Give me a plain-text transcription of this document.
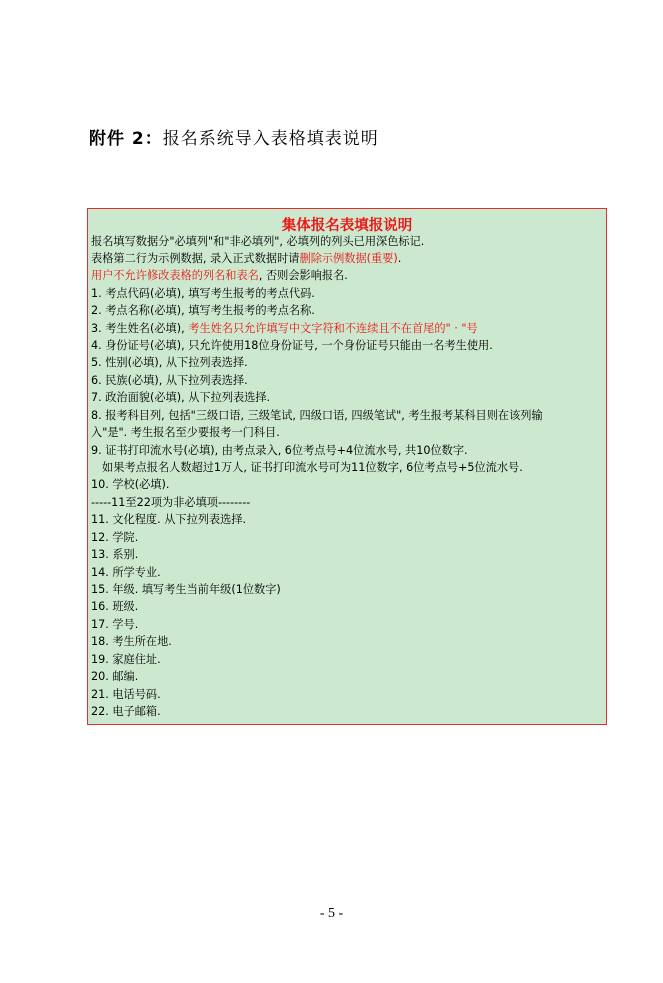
附件 2：报名系统导入表格填表说明
集体报名表填报说明
报名填写数据分"必填列"和"非必填列", 必填列的列头已用深色标记.
表格第二行为示例数据, 录入正式数据时请删除示例数据(重要).
用户不允许修改表格的列名和表名, 否则会影响报名.
1. 考点代码(必填), 填写考生报考的考点代码.
2. 考点名称(必填), 填写考生报考的考点名称.
3. 考生姓名(必填), 考生姓名只允许填写中文字符和不连续且不在首尾的" · "号
4. 身份证号(必填), 只允许使用18位身份证号, 一个身份证号只能由一名考生使用.
5. 性别(必填), 从下拉列表选择.
6. 民族(必填), 从下拉列表选择.
7. 政治面貌(必填), 从下拉列表选择.
8. 报考科目列, 包括"三级口语, 三级笔试, 四级口语, 四级笔试", 考生报考某科目则在该列输
入"是". 考生报名至少要报考一门科目.
9. 证书打印流水号(必填), 由考点录入, 6位考点号+4位流水号, 共10位数字.
如果考点报名人数超过1万人, 证书打印流水号可为11位数字, 6位考点号+5位流水号.
10. 学校(必填).
-----11至22项为非必填项--------
11. 文化程度. 从下拉列表选择.
12. 学院.
13. 系别.
14. 所学专业.
15. 年级. 填写考生当前年级(1位数字)
16. 班级.
17. 学号.
18. 考生所在地.
19. 家庭住址.
20. 邮编.
21. 电话号码.
22. 电子邮箱.
- 5 -
